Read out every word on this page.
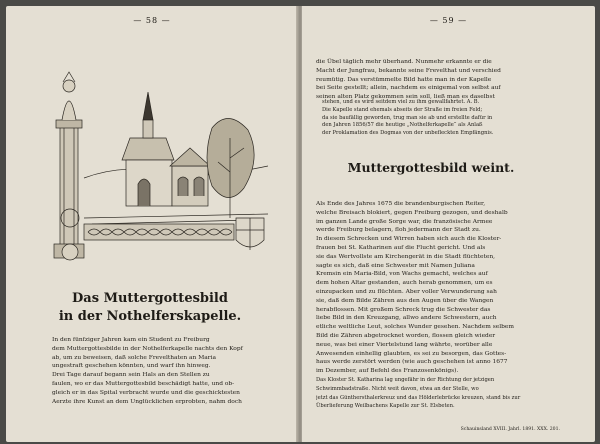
— 58 —	— 59 —
Das Muttergottesbild
in der Nothelferskapelle.
In den fünfziger Jahren kam ein Student zu Freiburg
dem Muttergottesbilde in der Nothelferkapelle nachts den Kopf
ab, um zu beweisen, daß solche Frevelthaten an Maria
ungestraft geschehen könnten, und warf ihn hinweg.
Drei Tage darauf begann sein Hals an den Stellen zu
faulen, wo er das Muttergottesbild beschädigt hatte, und ob-
gleich er in das Spital verbracht wurde und die geschicktesten
Aerzte ihre Kunst an dem Unglücklichen erprobten, nahm doch
die Übel täglich mehr überhand. Nunmehr erkannte er die
Macht der Jungfrau, bekannte seine Frevelthat und verschied
reumütig. Das verstümmelte Bild hatte man in der Kapelle
bei Seite gestellt; allein, nachdem es einigemal von selbst auf
seinen alten Platz gekommen sein soll, ließ man es daselbst
stehen, und es wird seitdem viel zu ihm gewallfahrtet. A. B.
Die Kapelle stand ehemals abseits der Straße im freien Feld;
da sie baufällig geworden, trug man sie ab und erstellte dafür in
den Jahren 1856/57 die heutige „Nothelferkapelle“ als Anlaß
der Proklamation des Dogmas von der unbefleckten Empfängnis.
Muttergottesbild weint.
Als Ende des Jahres 1675 die brandenburgischen Reiter,
welche Breisach blokiert, gegen Freiburg gezogen, und deshalb
im ganzen Lande große Sorge war, die französische Armee
werde Freiburg belagern, floh jedermann der Stadt zu.
In diesem Schrecken und Wirren haben sich auch die Kloster-
frauen bei St. Katharinen auf die Flucht gericht. Und als
sie das Wertvollste am Kirchengerät in die Stadt flüchteten,
sagte es sich, daß eine Schwester mit Namen Juliana
Kremsin ein Maria-Bild, von Wachs gemacht, welches auf
dem hohen Altar gestanden, auch herab genommen, um es
einzupacken und zu flüchten. Aber voller Verwunderung sah
sie, daß dem Bilde Zähren aus den Augen über die Wangen
herabflossen. Mit großem Schreck trug die Schwester das
liebe Bild in den Kreuzgang, allwo andere Schwestern, auch
etliche weltliche Leut, solches Wunder gesehen. Nachdem selbem
Bild die Zähren abgetrocknet worden, flossen gleich wieder
neue, was bei einer Viertelstund lang währte, worüber alle
Anwesenden einhellig glaubten, es sei zu besorgen, das Gottes-
haus werde zerstört werden (wie auch geschehen ist anno 1677
im Dezember, auf Befehl des Franzosenkönigs).
Das Kloster St. Katharina lag ungefähr in der Richtung der jetzigen
Schwimmbadstraße. Nicht weit davon, etwa an der Stelle, wo
jetzt das Günthersthalerkreuz und das Hölderlebrücke kreuzen, stand bis zur
Überlieferung Weilbachens Kapelle zur St. Elsbeten.
Schauinsland XVIII. Jahrl. 1891. XXX. 201.
